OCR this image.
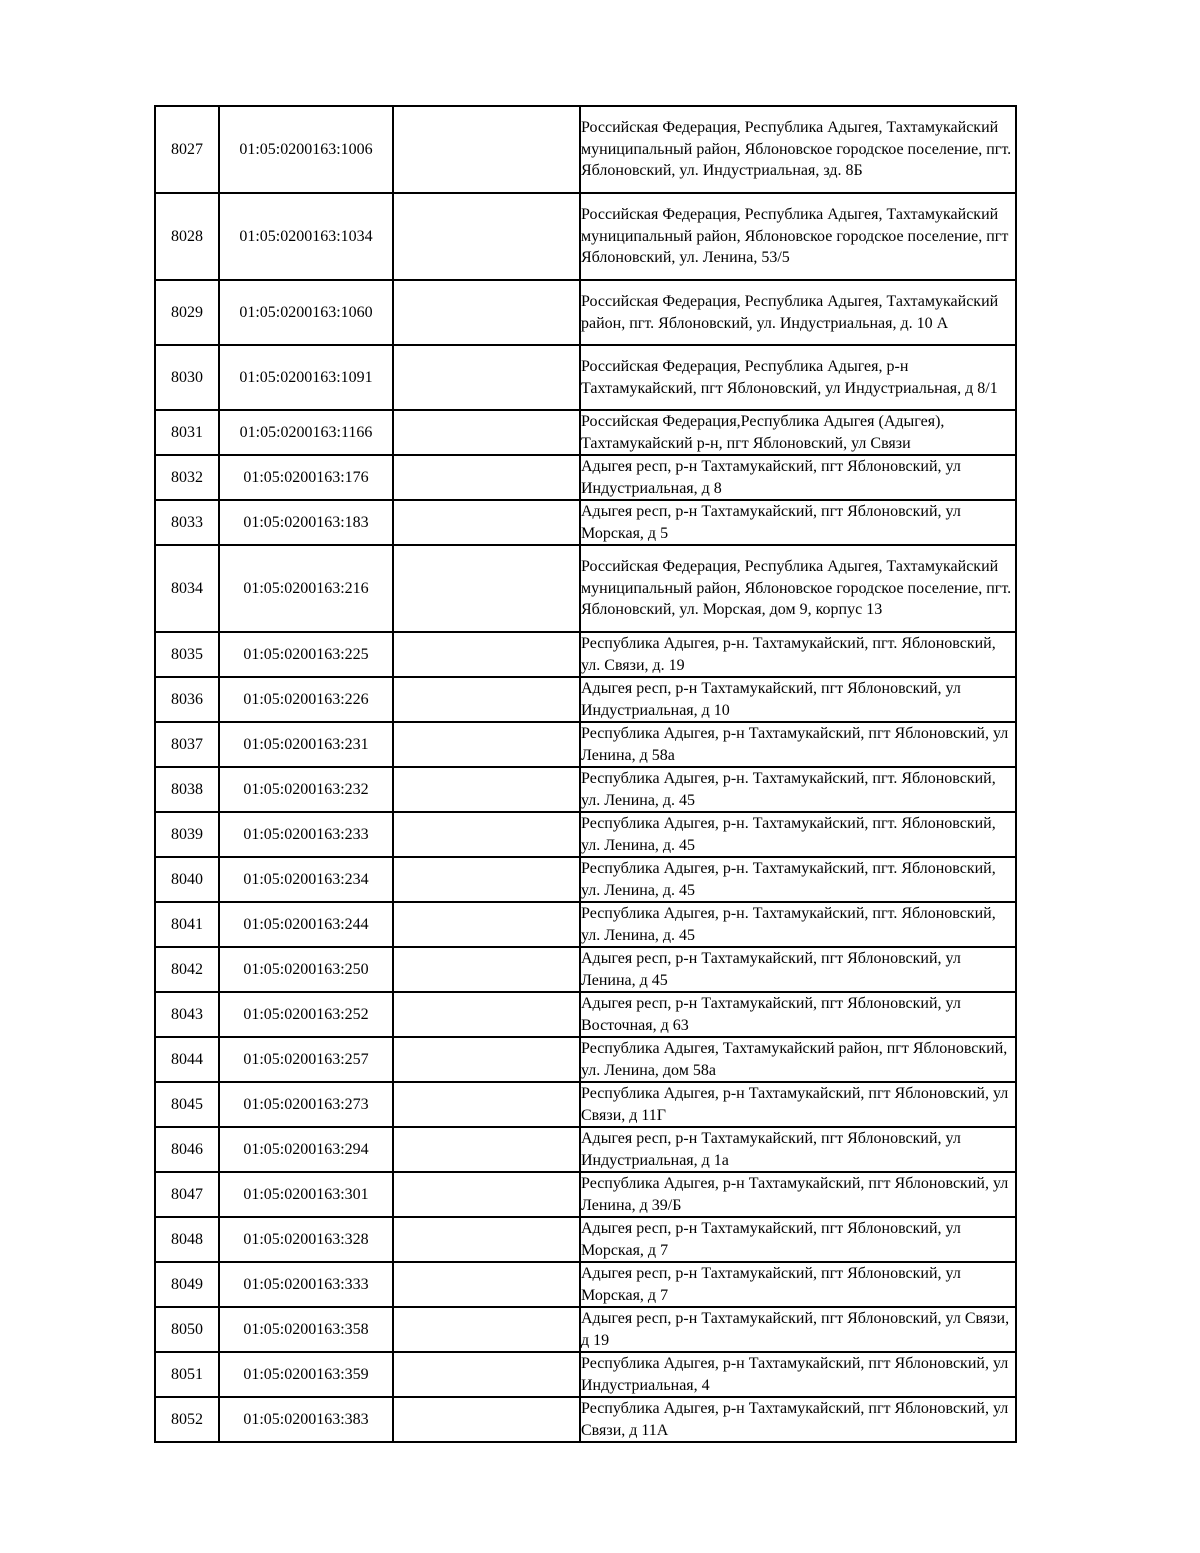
8027	01:05:0200163:1006		Российская Федерация, Республика Адыгея, Тахтамукайский муниципальный район, Яблоновское городское поселение, пгт. Яблоновский, ул. Индустриальная, зд. 8Б
8028	01:05:0200163:1034		Российская Федерация, Республика Адыгея, Тахтамукайский муниципальный район, Яблоновское городское поселение, пгт Яблоновский, ул. Ленина, 53/5
8029	01:05:0200163:1060		Российская Федерация, Республика Адыгея, Тахтамукайский район, пгт. Яблоновский, ул. Индустриальная, д. 10 А
8030	01:05:0200163:1091		Российская Федерация, Республика Адыгея, р-н Тахтамукайский, пгт Яблоновский, ул Индустриальная, д 8/1
8031	01:05:0200163:1166		Российская Федерация,Республика Адыгея (Адыгея), Тахтамукайский р-н, пгт Яблоновский, ул Связи
8032	01:05:0200163:176		Адыгея респ, р-н Тахтамукайский, пгт Яблоновский, ул Индустриальная, д 8
8033	01:05:0200163:183		Адыгея респ, р-н Тахтамукайский, пгт Яблоновский, ул Морская, д 5
8034	01:05:0200163:216		Российская Федерация, Республика Адыгея, Тахтамукайский муниципальный район, Яблоновское городское поселение, пгт. Яблоновский, ул. Морская, дом 9, корпус 13
8035	01:05:0200163:225		Республика Адыгея, р-н. Тахтамукайский, пгт. Яблоновский, ул. Связи, д. 19
8036	01:05:0200163:226		Адыгея респ, р-н Тахтамукайский, пгт Яблоновский, ул Индустриальная, д 10
8037	01:05:0200163:231		Республика Адыгея, р-н Тахтамукайский, пгт Яблоновский, ул Ленина, д 58а
8038	01:05:0200163:232		Республика Адыгея, р-н. Тахтамукайский, пгт. Яблоновский, ул. Ленина, д. 45
8039	01:05:0200163:233		Республика Адыгея, р-н. Тахтамукайский, пгт. Яблоновский, ул. Ленина, д. 45
8040	01:05:0200163:234		Республика Адыгея, р-н. Тахтамукайский, пгт. Яблоновский, ул. Ленина, д. 45
8041	01:05:0200163:244		Республика Адыгея, р-н. Тахтамукайский, пгт. Яблоновский, ул. Ленина, д. 45
8042	01:05:0200163:250		Адыгея респ, р-н Тахтамукайский, пгт Яблоновский, ул Ленина, д 45
8043	01:05:0200163:252		Адыгея респ, р-н Тахтамукайский, пгт Яблоновский, ул Восточная, д 63
8044	01:05:0200163:257		Республика Адыгея, Тахтамукайский район, пгт Яблоновский, ул. Ленина, дом 58а
8045	01:05:0200163:273		Республика Адыгея, р-н Тахтамукайский, пгт Яблоновский, ул Связи, д 11Г
8046	01:05:0200163:294		Адыгея респ, р-н Тахтамукайский, пгт Яблоновский, ул Индустриальная, д 1а
8047	01:05:0200163:301		Республика Адыгея, р-н Тахтамукайский, пгт Яблоновский, ул Ленина, д 39/Б
8048	01:05:0200163:328		Адыгея респ, р-н Тахтамукайский, пгт Яблоновский, ул Морская, д 7
8049	01:05:0200163:333		Адыгея респ, р-н Тахтамукайский, пгт Яблоновский, ул Морская, д 7
8050	01:05:0200163:358		Адыгея респ, р-н Тахтамукайский, пгт Яблоновский, ул Связи, д 19
8051	01:05:0200163:359		Республика Адыгея, р-н Тахтамукайский, пгт Яблоновский, ул Индустриальная, 4
8052	01:05:0200163:383		Республика Адыгея, р-н Тахтамукайский, пгт Яблоновский, ул Связи, д 11А
